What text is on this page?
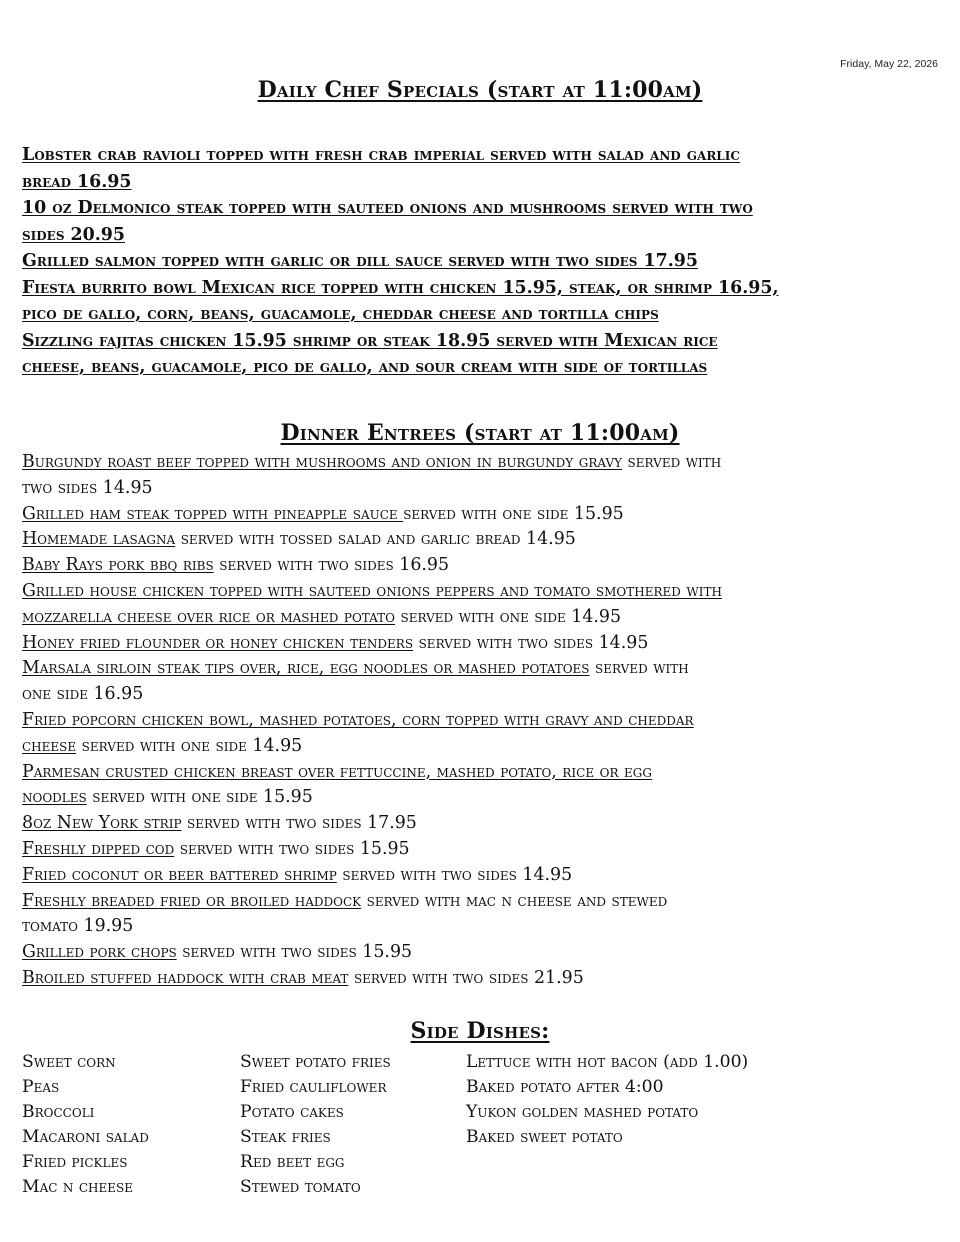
Friday, May 22, 2026
Daily Chef Specials (start at 11:00am)
Lobster crab ravioli topped with fresh crab imperial served with salad and garlic
bread 16.95
10 oz Delmonico steak topped with sauteed onions and mushrooms served with two
sides 20.95
Grilled salmon topped with garlic or dill sauce served with two sides 17.95
Fiesta burrito bowl Mexican rice topped with chicken 15.95, steak, or shrimp 16.95,
pico de gallo, corn, beans, guacamole, cheddar cheese and tortilla chips
Sizzling fajitas chicken 15.95 shrimp or steak 18.95 served with Mexican rice
cheese, beans, guacamole, pico de gallo, and sour cream with side of tortillas
Dinner Entrees (start at 11:00am)
Burgundy roast beef topped with mushrooms and onion in burgundy gravy served with
two sides 14.95
Grilled ham steak topped with pineapple sauce served with one side 15.95
Homemade lasagna served with tossed salad and garlic bread 14.95
Baby Rays pork bbq ribs served with two sides 16.95
Grilled house chicken topped with sauteed onions peppers and tomato smothered with
mozzarella cheese over rice or mashed potato served with one side 14.95
Honey fried flounder or honey chicken tenders served with two sides 14.95
Marsala sirloin steak tips over, rice, egg noodles or mashed potatoes served with
one side 16.95
Fried popcorn chicken bowl, mashed potatoes, corn topped with gravy and cheddar
cheese served with one side 14.95
Parmesan crusted chicken breast over fettuccine, mashed potato, rice or egg
noodles served with one side 15.95
8oz New York strip served with two sides 17.95
Freshly dipped cod served with two sides 15.95
Fried coconut or beer battered shrimp served with two sides 14.95
Freshly breaded fried or broiled haddock served with mac n cheese and stewed
tomato 19.95
Grilled pork chops served with two sides 15.95
Broiled stuffed haddock with crab meat served with two sides 21.95
Side Dishes:
Sweet corn
Peas
Broccoli
Macaroni salad
Fried pickles
Mac n cheese
Sweet potato fries
Fried cauliflower
Potato cakes
Steak fries
Red beet egg
Stewed tomato
Lettuce with hot bacon (add 1.00)
Baked potato after 4:00
Yukon golden mashed potato
Baked sweet potato
